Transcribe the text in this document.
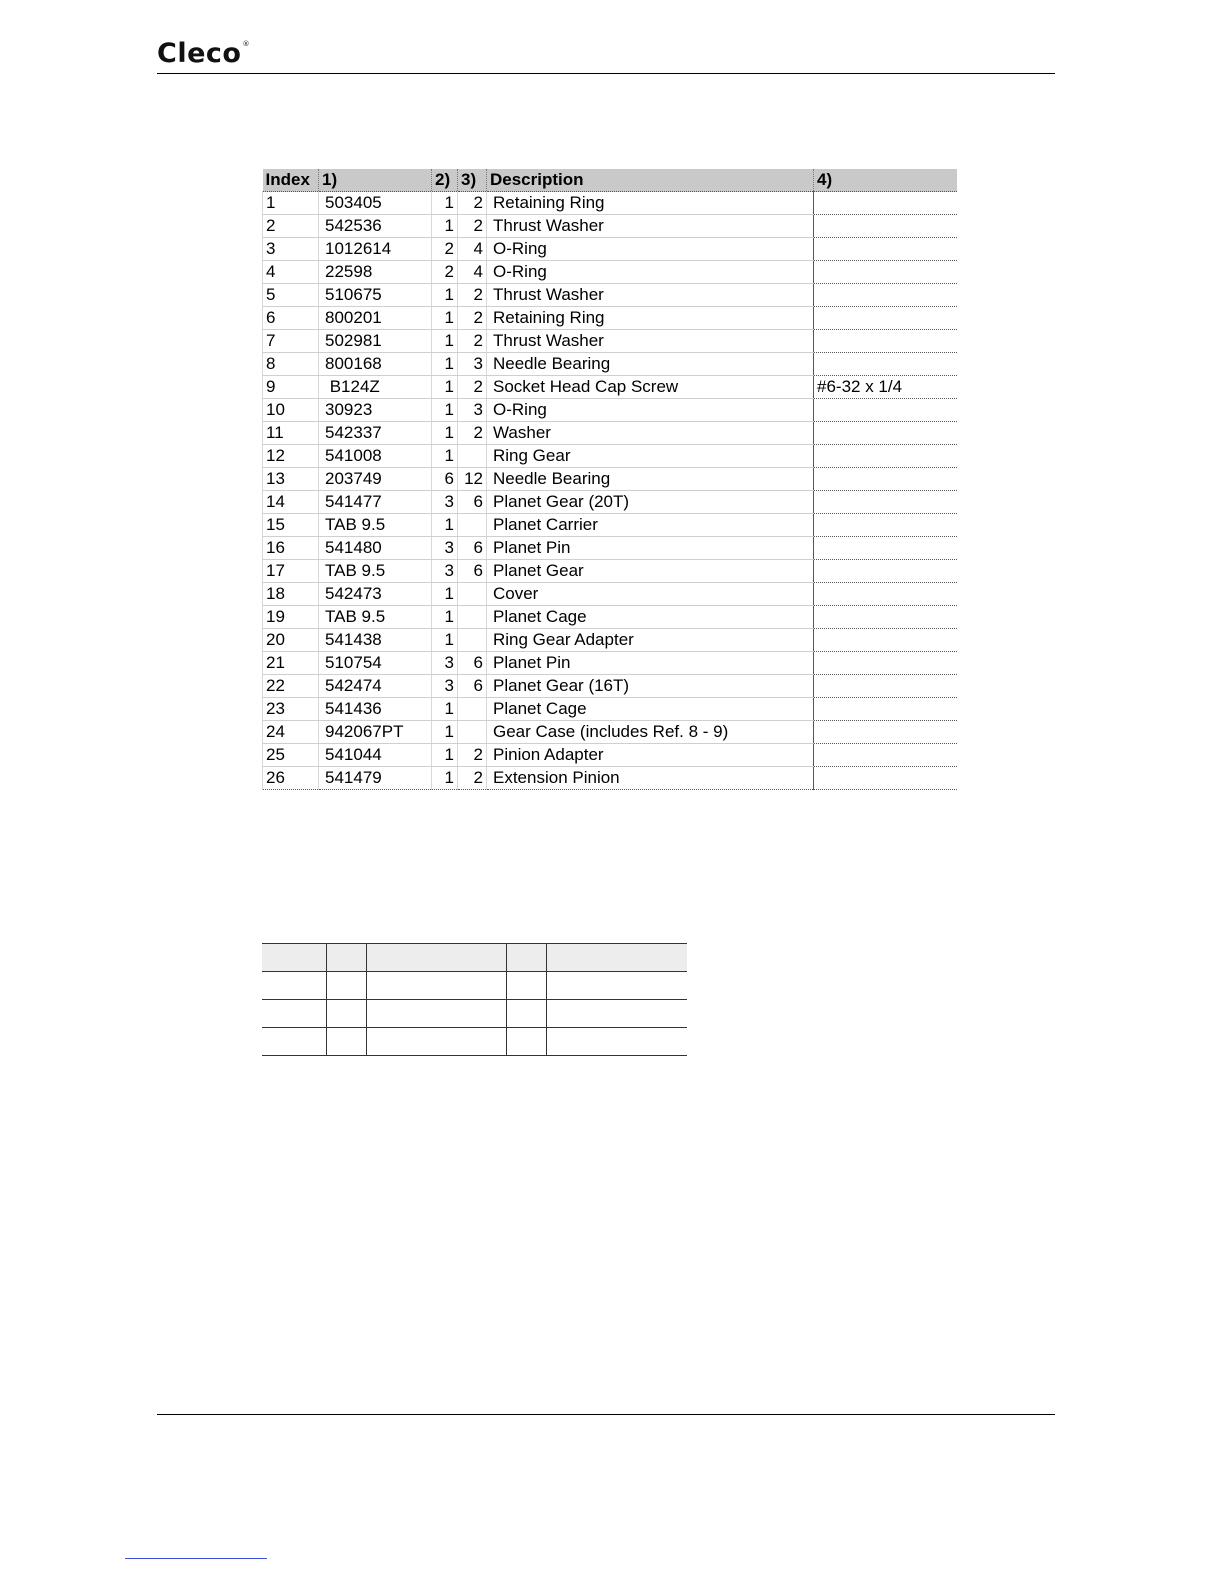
Cleco®
Index	1)	2)	3)	Description	4)
1	503405	1	2	Retaining Ring	
2	542536	1	2	Thrust Washer	
3	1012614	2	4	O-Ring	
4	22598	2	4	O-Ring	
5	510675	1	2	Thrust Washer	
6	800201	1	2	Retaining Ring	
7	502981	1	2	Thrust Washer	
8	800168	1	3	Needle Bearing	
9	B124Z	1	2	Socket Head Cap Screw	#6-32 x 1/4
10	30923	1	3	O-Ring	
11	542337	1	2	Washer	
12	541008	1		Ring Gear	
13	203749	6	12	Needle Bearing	
14	541477	3	6	Planet Gear (20T)	
15	TAB 9.5	1		Planet Carrier	
16	541480	3	6	Planet Pin	
17	TAB 9.5	3	6	Planet Gear	
18	542473	1		Cover	
19	TAB 9.5	1		Planet Cage	
20	541438	1		Ring Gear Adapter	
21	510754	3	6	Planet Pin	
22	542474	3	6	Planet Gear (16T)	
23	541436	1		Planet Cage	
24	942067PT	1		Gear Case (includes Ref. 8 - 9)	
25	541044	1	2	Pinion Adapter	
26	541479	1	2	Extension Pinion	
